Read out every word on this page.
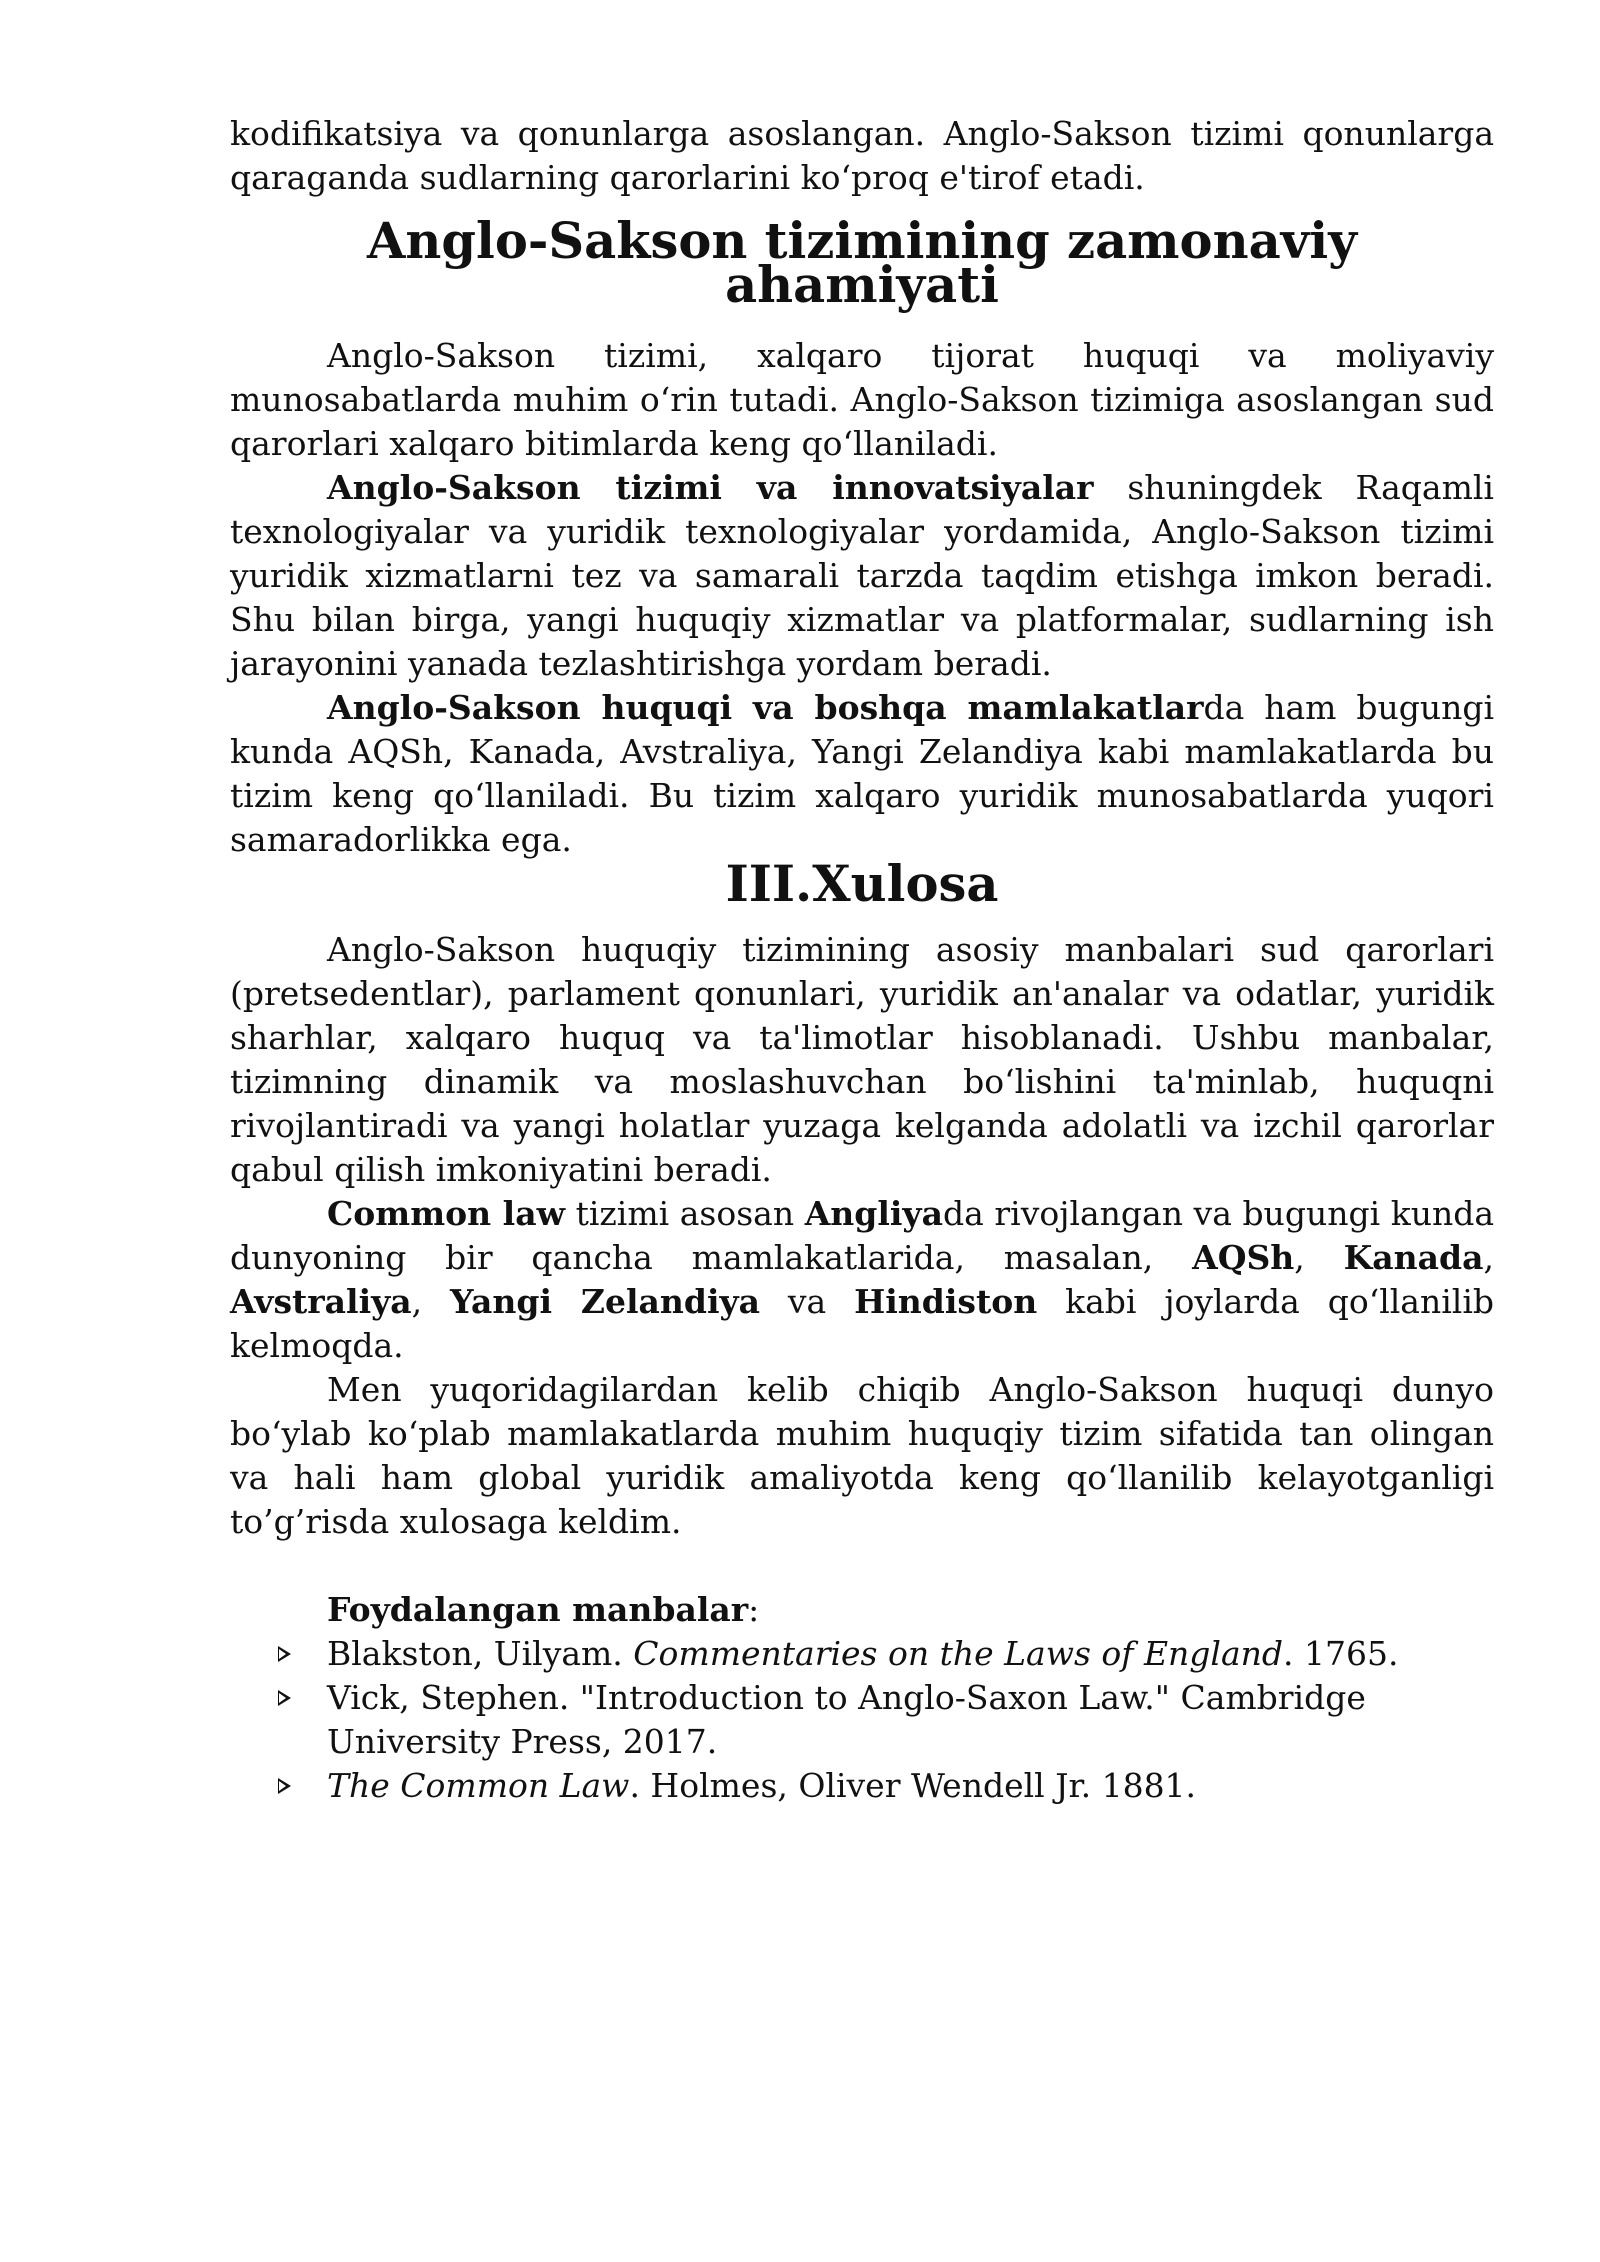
kodifikatsiya va qonunlarga asoslangan. Anglo-Sakson tizimi qonunlarga qaraganda sudlarning qarorlarini koʻproq e'tirof etadi.

Anglo-Sakson tizimining zamonaviy ahamiyati

Anglo-Sakson tizimi, xalqaro tijorat huquqi va moliyaviy munosabatlarda muhim oʻrin tutadi. Anglo-Sakson tizimiga asoslangan sud qarorlari xalqaro bitimlarda keng qoʻllaniladi.

Anglo-Sakson tizimi va innovatsiyalar shuningdek Raqamli texnologiyalar va yuridik texnologiyalar yordamida, Anglo-Sakson tizimi yuridik xizmatlarni tez va samarali tarzda taqdim etishga imkon beradi. Shu bilan birga, yangi huquqiy xizmatlar va platformalar, sudlarning ish jarayonini yanada tezlashtirishga yordam beradi.

Anglo-Sakson huquqi va boshqa mamlakatlarda ham bugungi kunda AQSh, Kanada, Avstraliya, Yangi Zelandiya kabi mamlakatlarda bu tizim keng qoʻllaniladi. Bu tizim xalqaro yuridik munosabatlarda yuqori samaradorlikka ega.

III.Xulosa

Anglo-Sakson huquqiy tizimining asosiy manbalari sud qarorlari (pretsedentlar), parlament qonunlari, yuridik an'analar va odatlar, yuridik sharhlar, xalqaro huquq va ta'limotlar hisoblanadi. Ushbu manbalar, tizimning dinamik va moslashuvchan boʻlishini ta'minlab, huquqni rivojlantiradi va yangi holatlar yuzaga kelganda adolatli va izchil qarorlar qabul qilish imkoniyatini beradi.

Common law tizimi asosan Angliyada rivojlangan va bugungi kunda dunyoning bir qancha mamlakatlarida, masalan, AQSh, Kanada, Avstraliya, Yangi Zelandiya va Hindiston kabi joylarda qoʻllanilib kelmoqda.

Men yuqoridagilardan kelib chiqib Anglo-Sakson huquqi dunyo boʻylab koʻplab mamlakatlarda muhim huquqiy tizim sifatida tan olingan va hali ham global yuridik amaliyotda keng qoʻllanilib kelayotganligi to’g’risda xulosaga keldim.

Foydalangan manbalar:
Blakston, Uilyam. Commentaries on the Laws of England. 1765.
Vick, Stephen. "Introduction to Anglo-Saxon Law." Cambridge University Press, 2017.
The Common Law. Holmes, Oliver Wendell Jr. 1881.
